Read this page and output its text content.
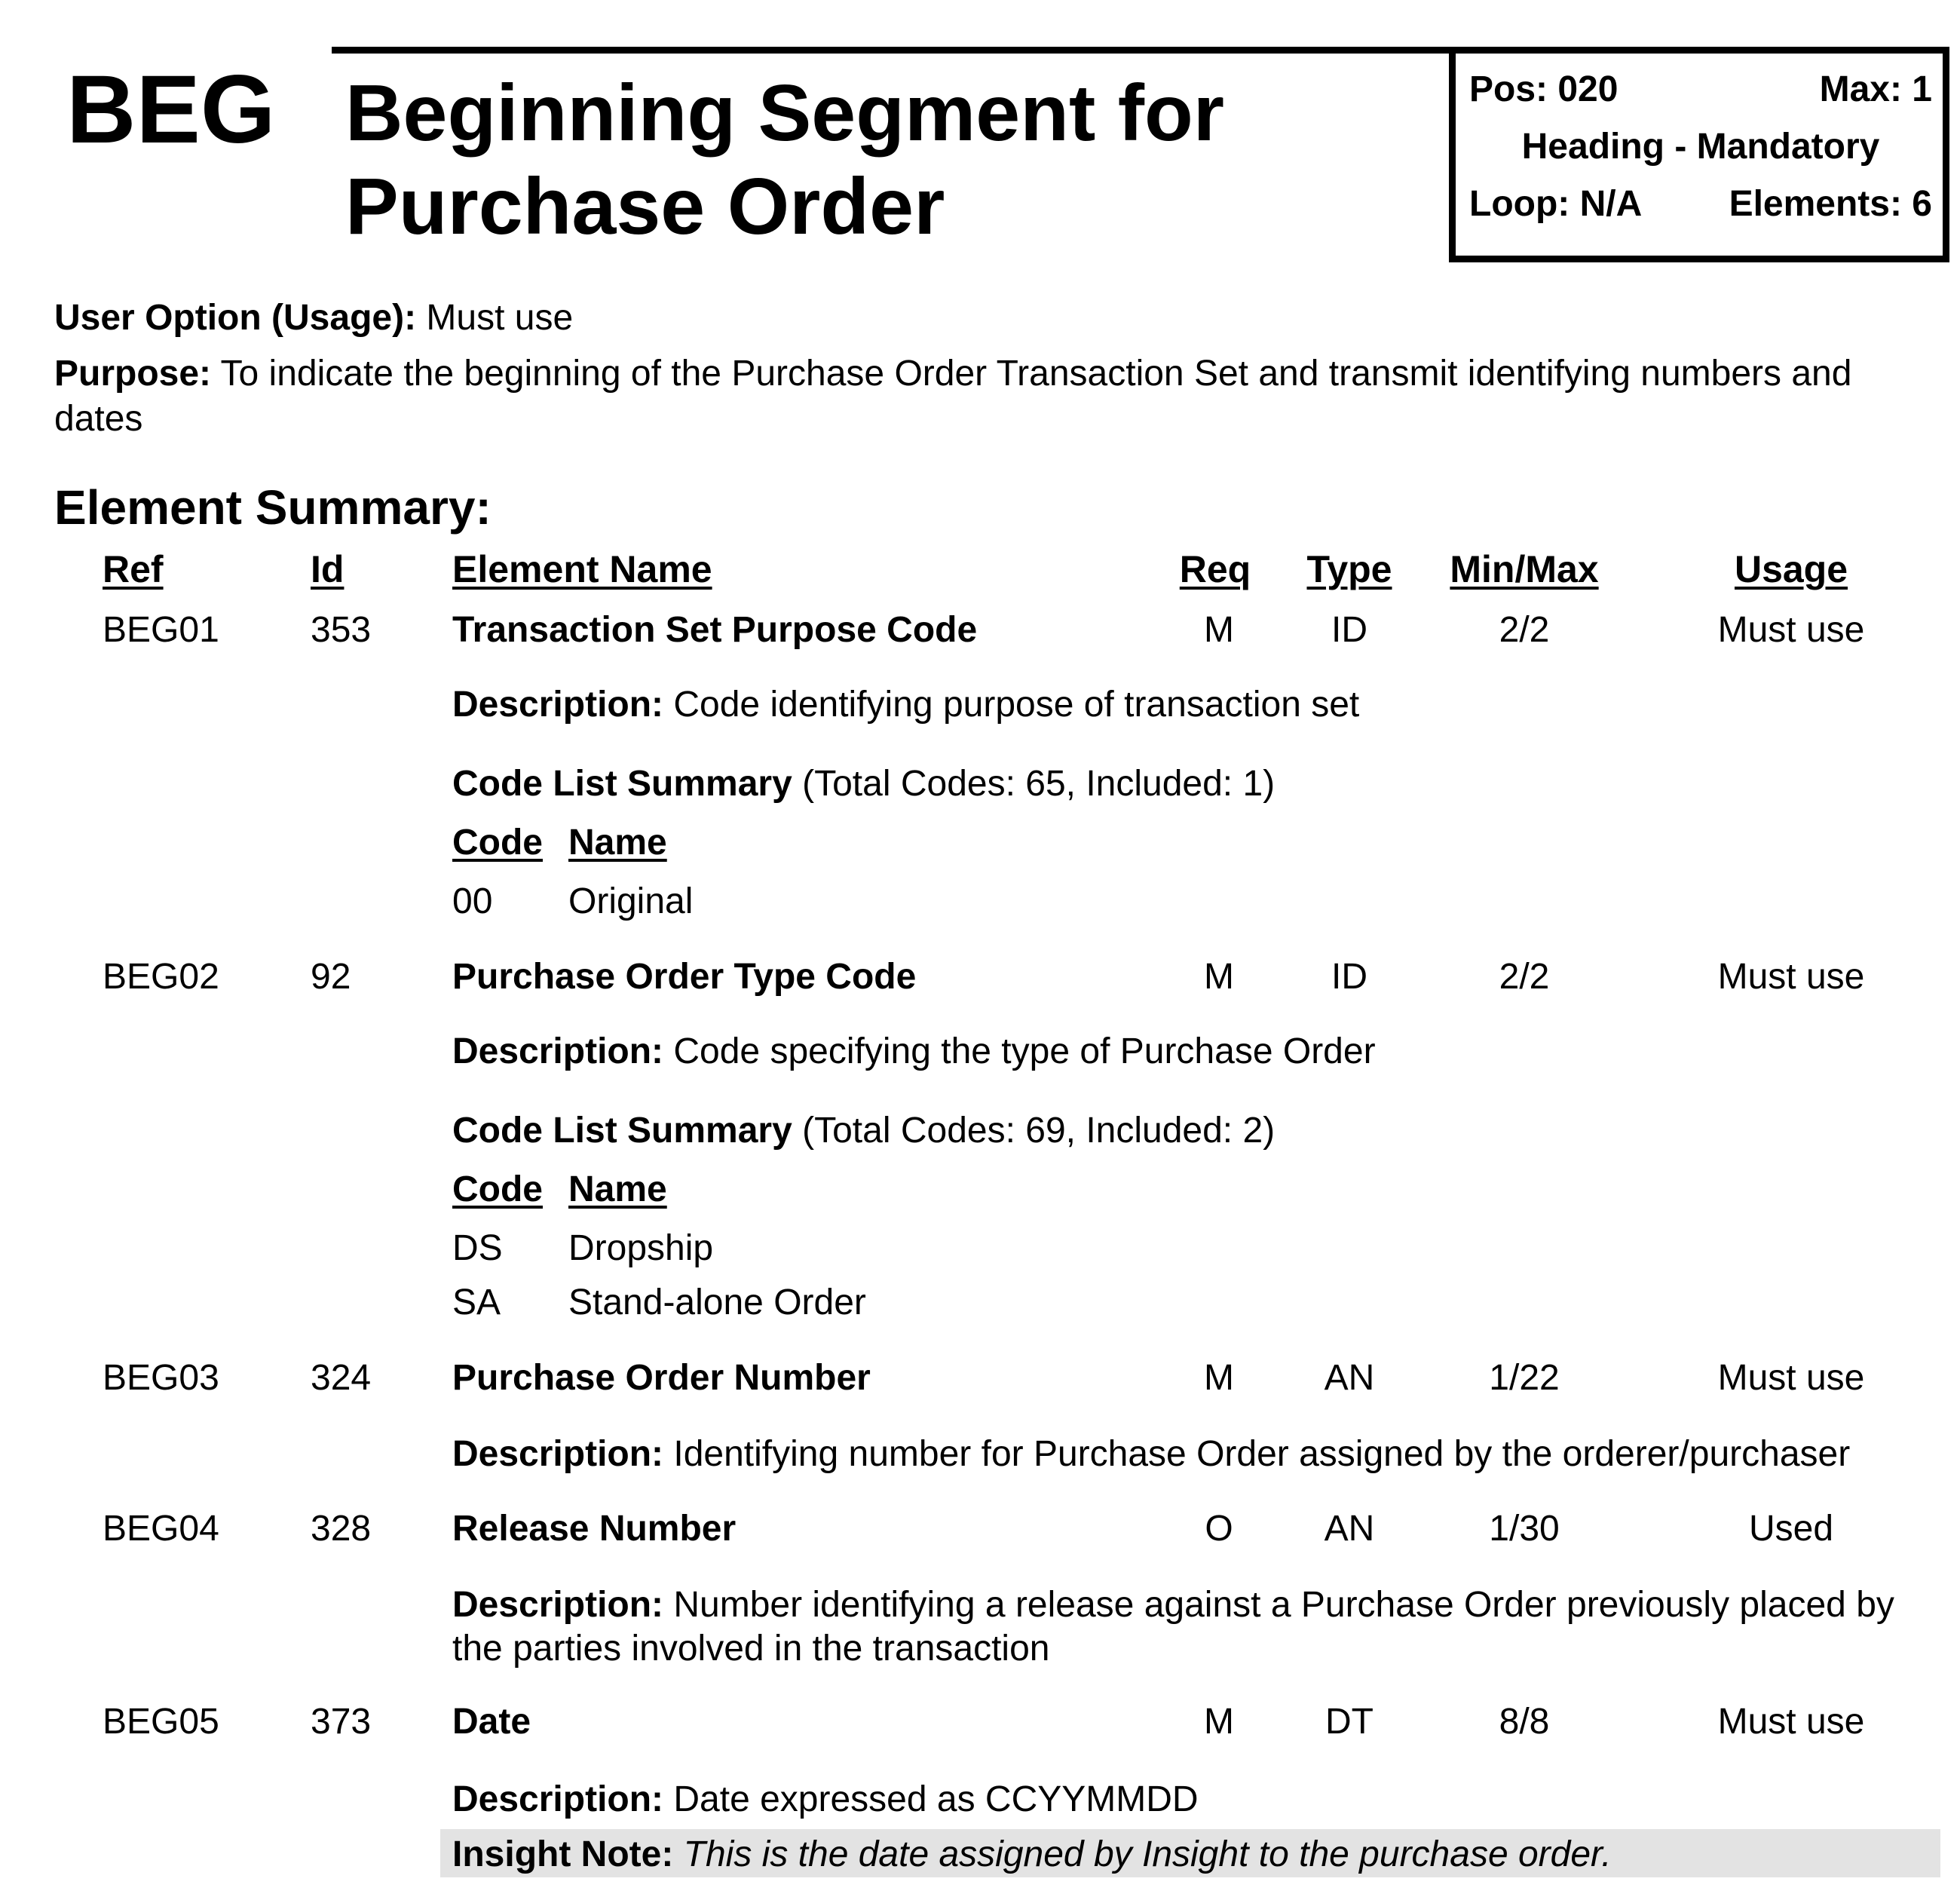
BEG Beginning Segment for Purchase Order
Pos: 020	Max: 1
Heading - Mandatory
Loop: N/A Elements: 6
User Option (Usage): Must use
Purpose: To indicate the beginning of the Purchase Order Transaction Set and transmit identifying numbers and dates
Element Summary:
Ref	Id	Element Name	Req Type Min/Max	Usage
BEG01	353 Transaction Set Purpose Code	M	ID	2/2	Must use
Description: Code identifying purpose of transaction set
Code List Summary (Total Codes: 65, Included: 1)
Code Name
00 Original
BEG02	92	Purchase Order Type Code	M	ID	2/2	Must use
Description: Code specifying the type of Purchase Order
Code List Summary (Total Codes: 69, Included: 2)
Code Name
DS Dropship
SA Stand-alone Order
BEG03	324 Purchase Order Number	M AN	1/22	Must use
Description: Identifying number for Purchase Order assigned by the orderer/purchaser
BEG04	328 Release Number	O	AN	1/30	Used
Description: Number identifying a release against a Purchase Order previously placed by the parties involved in the transaction
BEG05	373 Date	M	DT	8/8	Must use
Description: Date expressed as CCYYMMDD
Insight Note: This is the date assigned by Insight to the purchase order.
